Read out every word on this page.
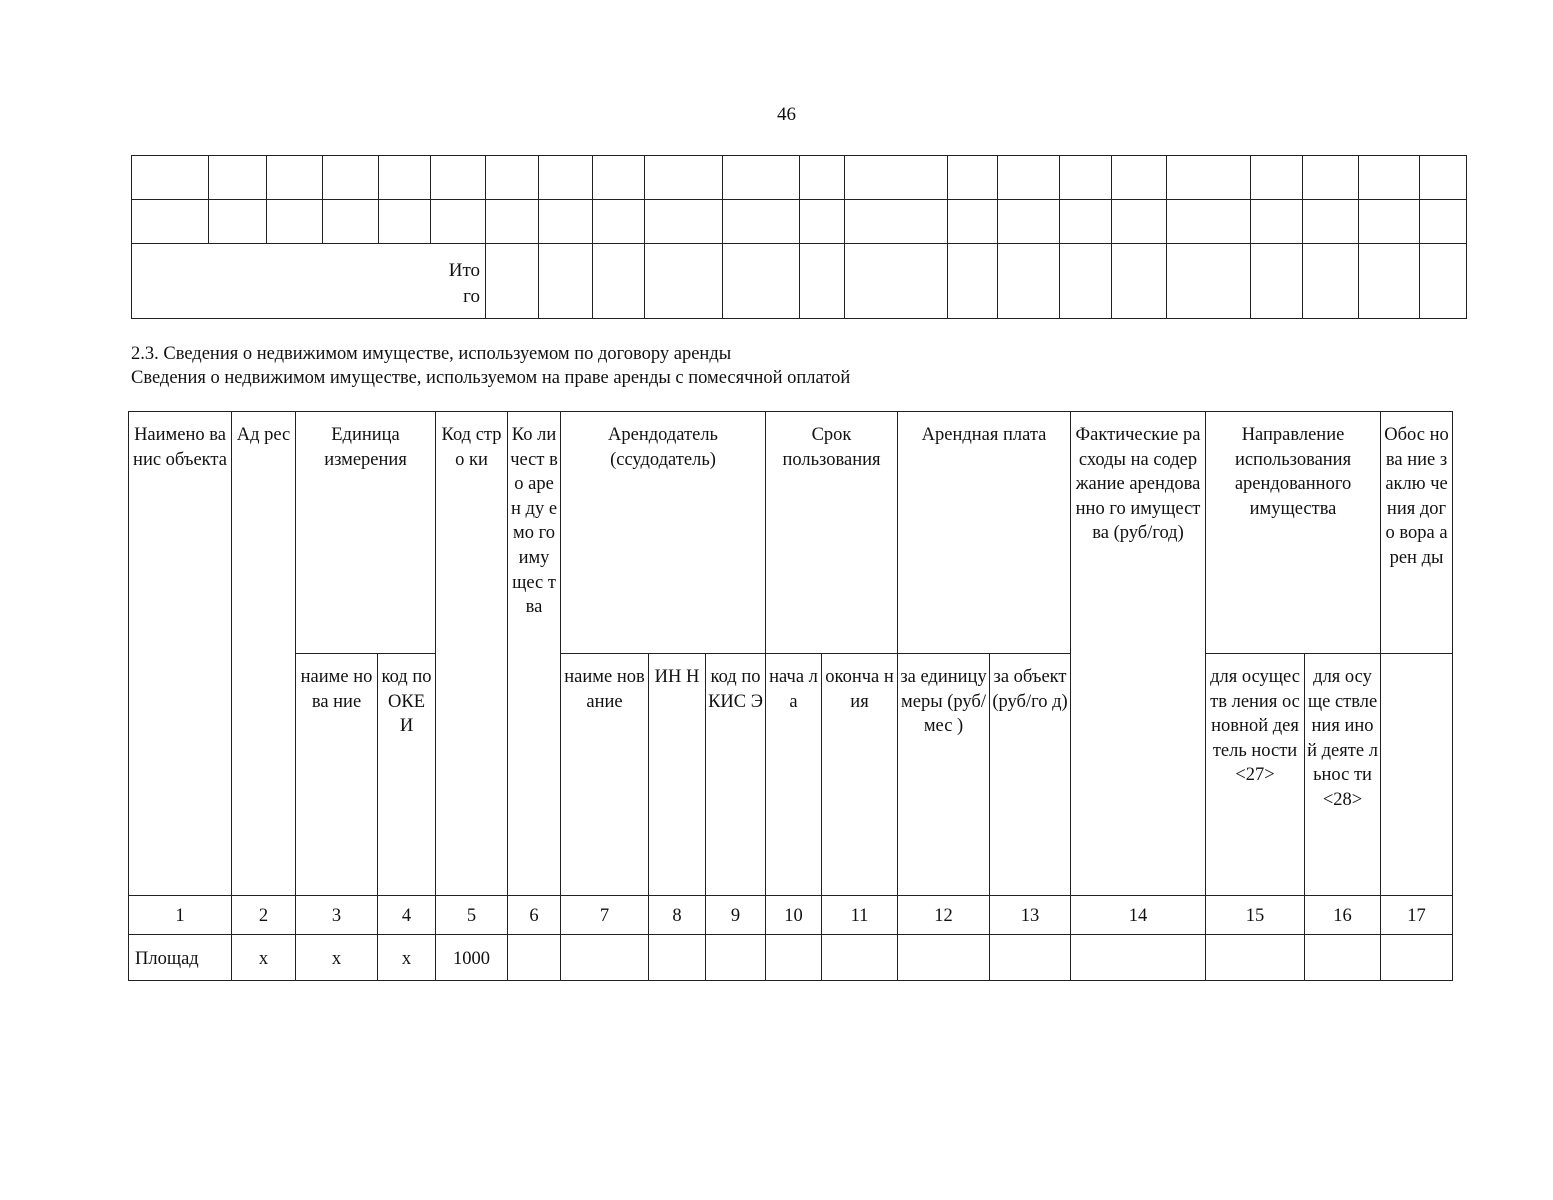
46

Ито
го																					
2.3. Сведения о недвижимом имуществе, используемом по договору аренды
Сведения о недвижимом имуществе, используемом на праве аренды с помесячной оплатой
Наимено ванис объекта	Ад рес	Единица измерения		Код стро ки	Ко ли чест во арен ду емо го иму щес тва	Арендодатель (ссудодатель)			Срок пользования		Арендная плата		Фактические расходы на содержание арендованно го имущества (руб/год)	Направление использования арендованного имущества		Обос нова ние заклю чения дого вора арен ды
		наиме нова ние	код по ОКЕ И			наиме нование	ИН Н	код по КИС Э	нача ла	оконча ния	за единицу меры (руб/мес )	за объект (руб/го д)		для осуществ ления основной деятель ности <27>	для осуще ствле ния иной деяте льнос ти <28>	
1	2	3	4	5	6	7	8	9	10	11	12	13	14	15	16	17
Площад	х	х	х	1000												
